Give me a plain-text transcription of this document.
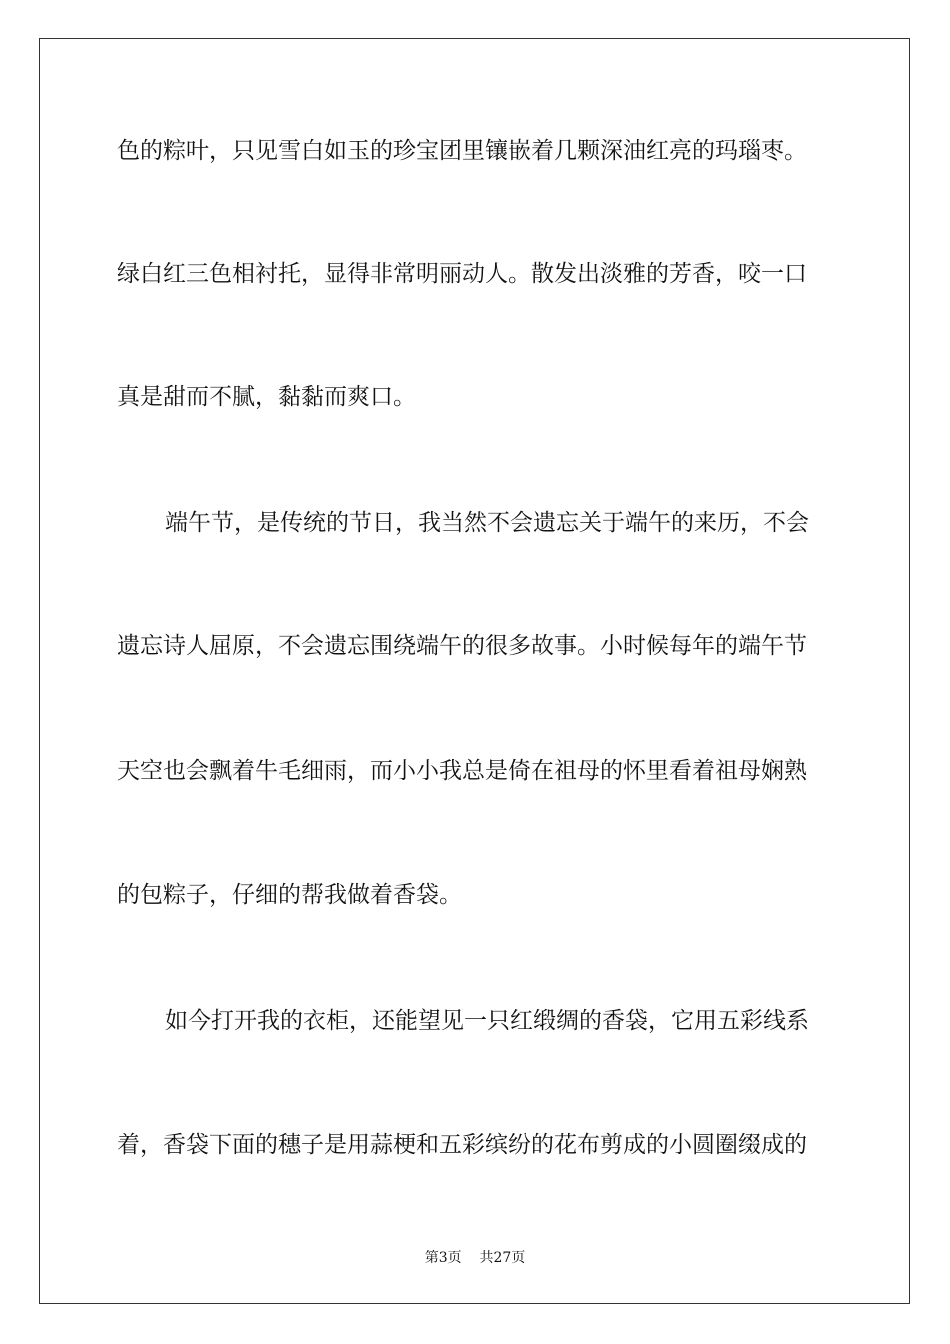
色的粽叶，只见雪白如玉的珍宝团里镶嵌着几颗深油红亮的玛瑙枣。
绿白红三色相衬托，显得非常明丽动人。散发出淡雅的芳香，咬一口
真是甜而不腻，黏黏而爽口。
端午节，是传统的节日，我当然不会遗忘关于端午的来历，不会
遗忘诗人屈原，不会遗忘围绕端午的很多故事。小时候每年的端午节
天空也会飘着牛毛细雨，而小小我总是倚在祖母的怀里看着祖母娴熟
的包粽子，仔细的帮我做着香袋。
如今打开我的衣柜，还能望见一只红缎绸的香袋，它用五彩线系
着，香袋下面的穗子是用蒜梗和五彩缤纷的花布剪成的小圆圈缀成的
第3页 共27页
